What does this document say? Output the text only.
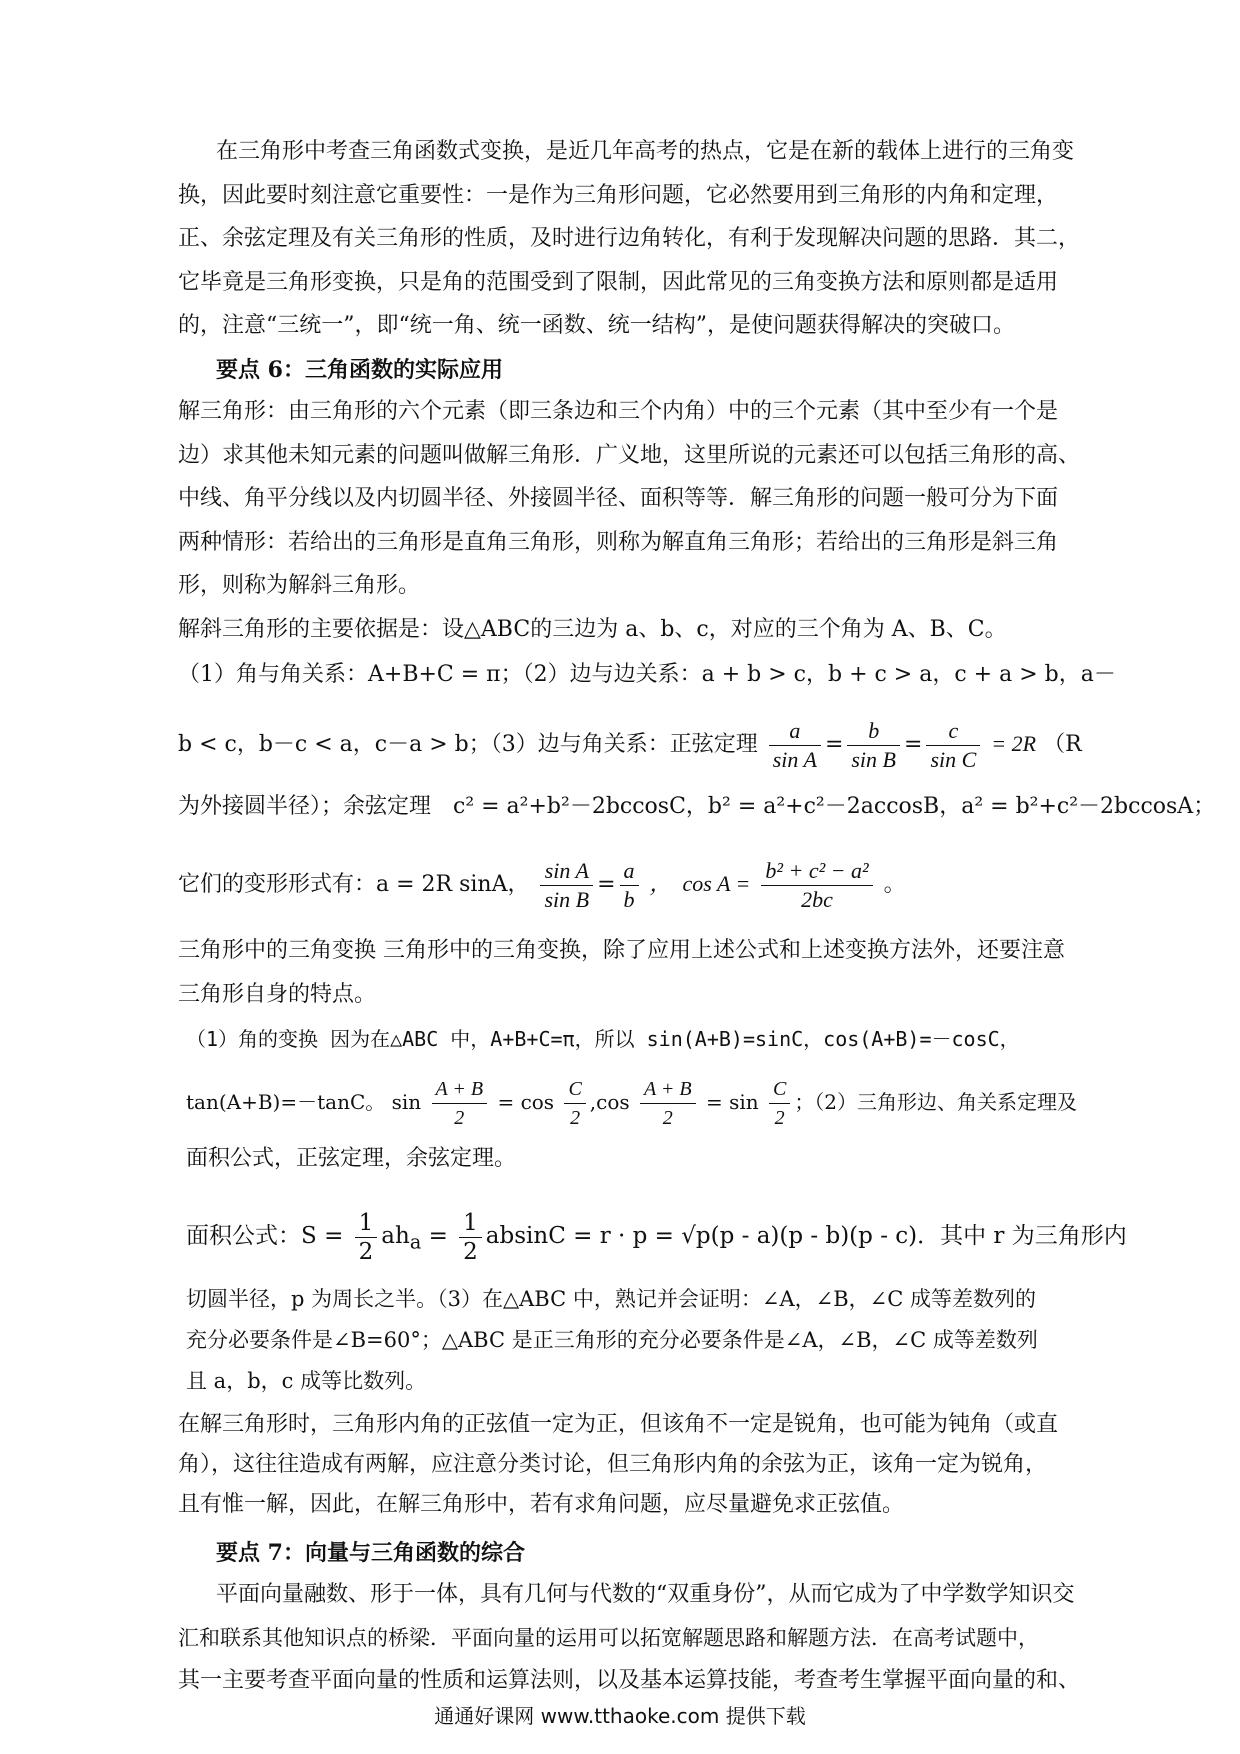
在三角形中考查三角函数式变换，是近几年高考的热点，它是在新的载体上进行的三角变
换，因此要时刻注意它重要性：一是作为三角形问题，它必然要用到三角形的内角和定理，
正、余弦定理及有关三角形的性质，及时进行边角转化，有利于发现解决问题的思路．其二，
它毕竟是三角形变换，只是角的范围受到了限制，因此常见的三角变换方法和原则都是适用
的，注意“三统一”，即“统一角、统一函数、统一结构”，是使问题获得解决的突破口。
要点 6：三角函数的实际应用
解三角形：由三角形的六个元素（即三条边和三个内角）中的三个元素（其中至少有一个是
边）求其他未知元素的问题叫做解三角形．广义地，这里所说的元素还可以包括三角形的高、
中线、角平分线以及内切圆半径、外接圆半径、面积等等．解三角形的问题一般可分为下面
两种情形：若给出的三角形是直角三角形，则称为解直角三角形；若给出的三角形是斜三角
形，则称为解斜三角形。
解斜三角形的主要依据是：设△ABC的三边为 a、b、c，对应的三个角为 A、B、C。
（1）角与角关系：A+B+C = π；（2）边与边关系：a + b > c，b + c > a，c + a > b，a－
b < c，b－c < a，c－a > b；（3）边与角关系：正弦定理 $\frac{a}{\text{sin A}} = \frac{b}{\text{sin B}} = \frac{c}{\text{sin C}} = 2R$ （R
为外接圆半径）；余弦定理　c² = a²+b²－2bccosC，b² = a²+c²－2accosB，a² = b²+c²－2bccosA；
它们的变形形式有：a = 2R sinA， $\frac{\text{sin A}}{\text{sin B}} = \frac{a}{b}$ ，　$\cos A = \frac{\text{b² + c² − a²}}{2bc}$ 。
三角形中的三角变换 三角形中的三角变换，除了应用上述公式和上述变换方法外，还要注意
三角形自身的特点。
（1）角的变换 因为在△ABC 中，A+B+C=π，所以 sin(A+B)=sinC，cos(A+B)=－cosC，
tan(A+B)=－tanC。 $\sin \frac{A + B}{2} = \cos \frac{C}{2} ,\cos \frac{A + B}{2} = \sin \frac{C}{2}$ ；（2）三角形边、角关系定理及
面积公式，正弦定理，余弦定理。
面积公式：$S = \frac{1}{2} ah_a = \frac{1}{2}$ absinC = r · p = √p(p - a)(p - b)(p - c)．其中 r 为三角形内
切圆半径，p 为周长之半。（3）在△ABC 中，熟记并会证明：∠A，∠B，∠C 成等差数列的
充分必要条件是∠B=60°；△ABC 是正三角形的充分必要条件是∠A，∠B，∠C 成等差数列
且 a，b，c 成等比数列。
在解三角形时，三角形内角的正弦值一定为正，但该角不一定是锐角，也可能为钝角（或直
角），这往往造成有两解，应注意分类讨论，但三角形内角的余弦为正，该角一定为锐角，
且有惟一解，因此，在解三角形中，若有求角问题，应尽量避免求正弦值。
要点 7：向量与三角函数的综合
平面向量融数、形于一体，具有几何与代数的“双重身份”，从而它成为了中学数学知识交
汇和联系其他知识点的桥梁．平面向量的运用可以拓宽解题思路和解题方法．在高考试题中，
其一主要考查平面向量的性质和运算法则，以及基本运算技能，考查考生掌握平面向量的和、
通通好课网 www.tthaoke.com 提供下载
